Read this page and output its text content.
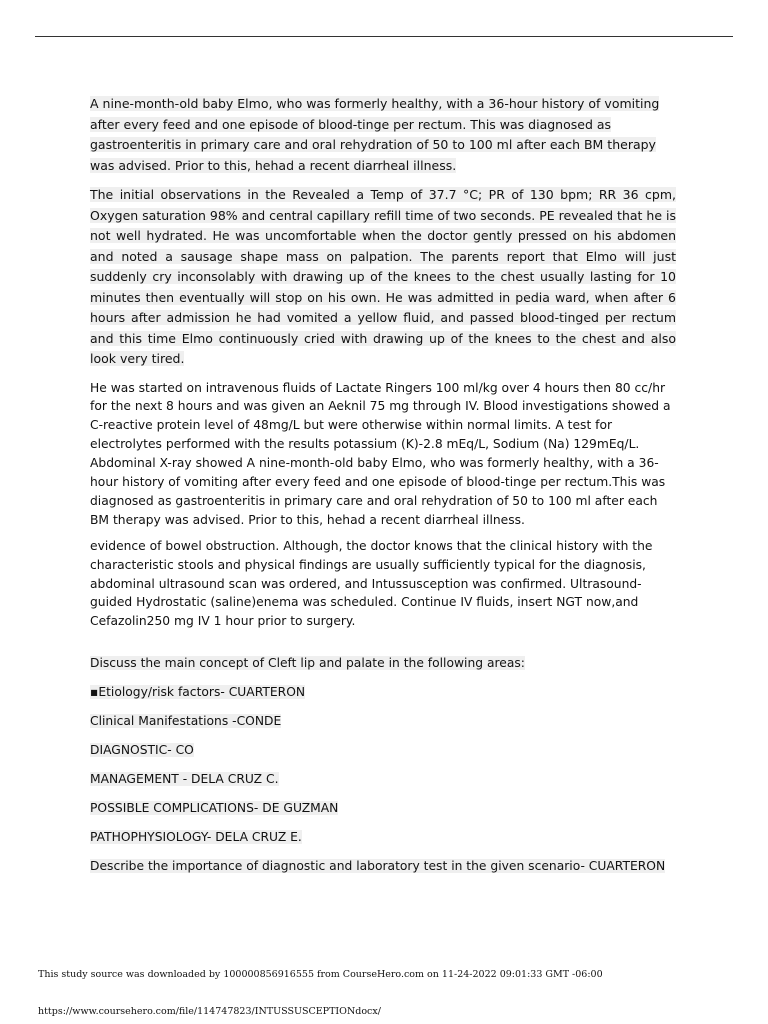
A nine-month-old baby Elmo, who was formerly healthy, with a 36-hour history of vomiting after every feed and one episode of blood-tinge per rectum. This was diagnosed as gastroenteritis in primary care and oral rehydration of 50 to 100 ml after each BM therapy was advised. Prior to this, hehad a recent diarrheal illness.

The initial observations in the Revealed a Temp of 37.7 °C; PR of 130 bpm; RR 36 cpm, Oxygen saturation 98% and central capillary refill time of two seconds. PE revealed that he is not well hydrated. He was uncomfortable when the doctor gently pressed on his abdomen and noted a sausage shape mass on palpation. The parents report that Elmo will just suddenly cry inconsolably with drawing up of the knees to the chest usually lasting for 10 minutes then eventually will stop on his own. He was admitted in pedia ward, when after 6 hours after admission he had vomited a yellow fluid, and passed blood-tinged per rectum and this time Elmo continuously cried with drawing up of the knees to the chest and also look very tired.

He was started on intravenous fluids of Lactate Ringers 100 ml/kg over 4 hours then 80 cc/hr for the next 8 hours and was given an Aeknil 75 mg through IV. Blood investigations showed a C-reactive protein level of 48mg/L but were otherwise within normal limits. A test for electrolytes performed with the results potassium (K)-2.8 mEq/L, Sodium (Na) 129mEq/L. Abdominal X-ray showed A nine-month-old baby Elmo, who was formerly healthy, with a 36-hour history of vomiting after every feed and one episode of blood-tinge per rectum.This was diagnosed as gastroenteritis in primary care and oral rehydration of 50 to 100 ml after each BM therapy was advised. Prior to this, hehad a recent diarrheal illness.

evidence of bowel obstruction. Although, the doctor knows that the clinical history with the characteristic stools and physical findings are usually sufficiently typical for the diagnosis, abdominal ultrasound scan was ordered, and Intussusception was confirmed. Ultrasound-guided Hydrostatic (saline)enema was scheduled. Continue IV fluids, insert NGT now,and Cefazolin250 mg IV 1 hour prior to surgery.

Discuss the main concept of Cleft lip and palate in the following areas:

▪Etiology/risk factors- CUARTERON

Clinical Manifestations -CONDE

DIAGNOSTIC- CO

MANAGEMENT - DELA CRUZ C.

POSSIBLE COMPLICATIONS- DE GUZMAN

PATHOPHYSIOLOGY- DELA CRUZ E.

Describe the importance of diagnostic and laboratory test in the given scenario- CUARTERON

This study source was downloaded by 100000856916555 from CourseHero.com on 11-24-2022 09:01:33 GMT -06:00
https://www.coursehero.com/file/114747823/INTUSSUSCEPTIONdocx/
